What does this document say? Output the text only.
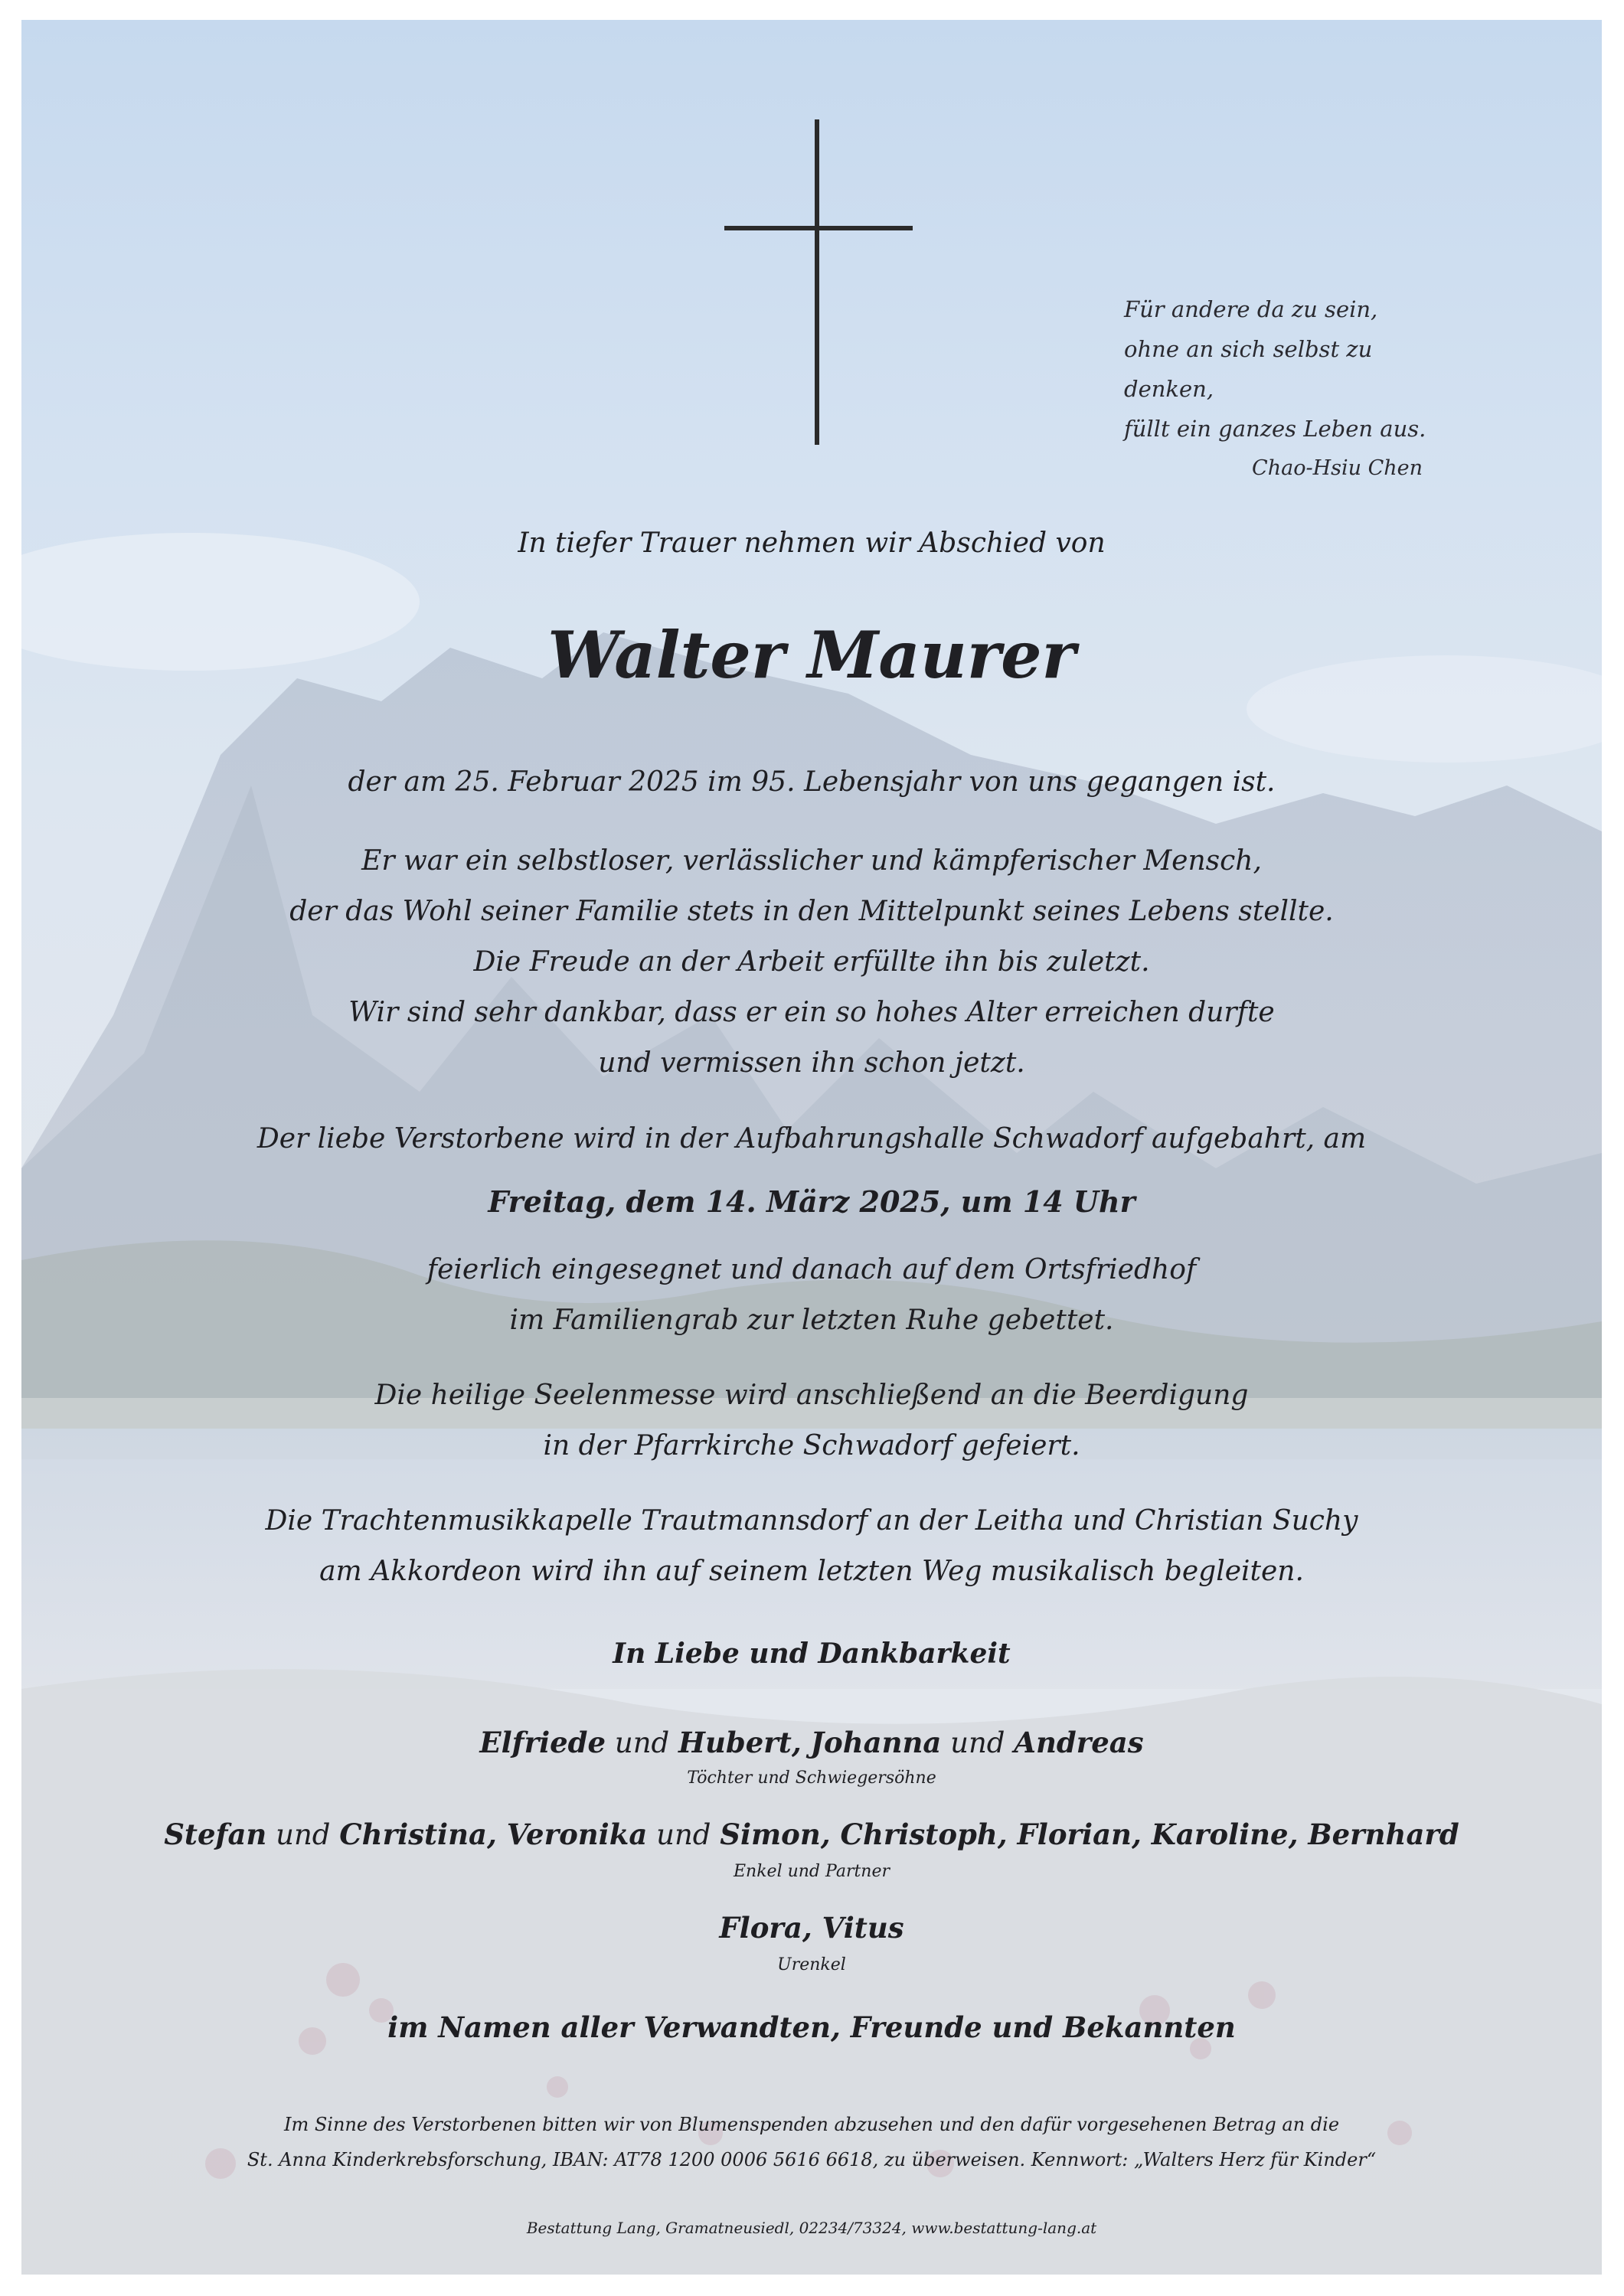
Für andere da zu sein,
ohne an sich selbst zu denken,
füllt ein ganzes Leben aus.
Chao-Hsiu Chen

In tiefer Trauer nehmen wir Abschied von

Walter Maurer

der am 25. Februar 2025 im 95. Lebensjahr von uns gegangen ist.

Er war ein selbstloser, verlässlicher und kämpferischer Mensch,
der das Wohl seiner Familie stets in den Mittelpunkt seines Lebens stellte.
Die Freude an der Arbeit erfüllte ihn bis zuletzt.
Wir sind sehr dankbar, dass er ein so hohes Alter erreichen durfte
und vermissen ihn schon jetzt.

Der liebe Verstorbene wird in der Aufbahrungshalle Schwadorf aufgebahrt, am

Freitag, dem 14. März 2025, um 14 Uhr

feierlich eingesegnet und danach auf dem Ortsfriedhof
im Familiengrab zur letzten Ruhe gebettet.
Die heilige Seelenmesse wird anschließend an die Beerdigung
in der Pfarrkirche Schwadorf gefeiert.
Die Trachtenmusikkapelle Trautmannsdorf an der Leitha und Christian Suchy
am Akkordeon wird ihn auf seinem letzten Weg musikalisch begleiten.

In Liebe und Dankbarkeit

Elfriede und Hubert, Johanna und Andreas

Töchter und Schwiegersöhne

Stefan und Christina, Veronika und Simon, Christoph, Florian, Karoline, Bernhard

Enkel und Partner

Flora, Vitus

Urenkel

im Namen aller Verwandten, Freunde und Bekannten

Im Sinne des Verstorbenen bitten wir von Blumenspenden abzusehen und den dafür vorgesehenen Betrag an die
St. Anna Kinderkrebsforschung, IBAN: AT78 1200 0006 5616 6618, zu überweisen. Kennwort: „Walters Herz für Kinder“

Bestattung Lang, Gramatneusiedl, 02234/73324, www.bestattung-lang.at
